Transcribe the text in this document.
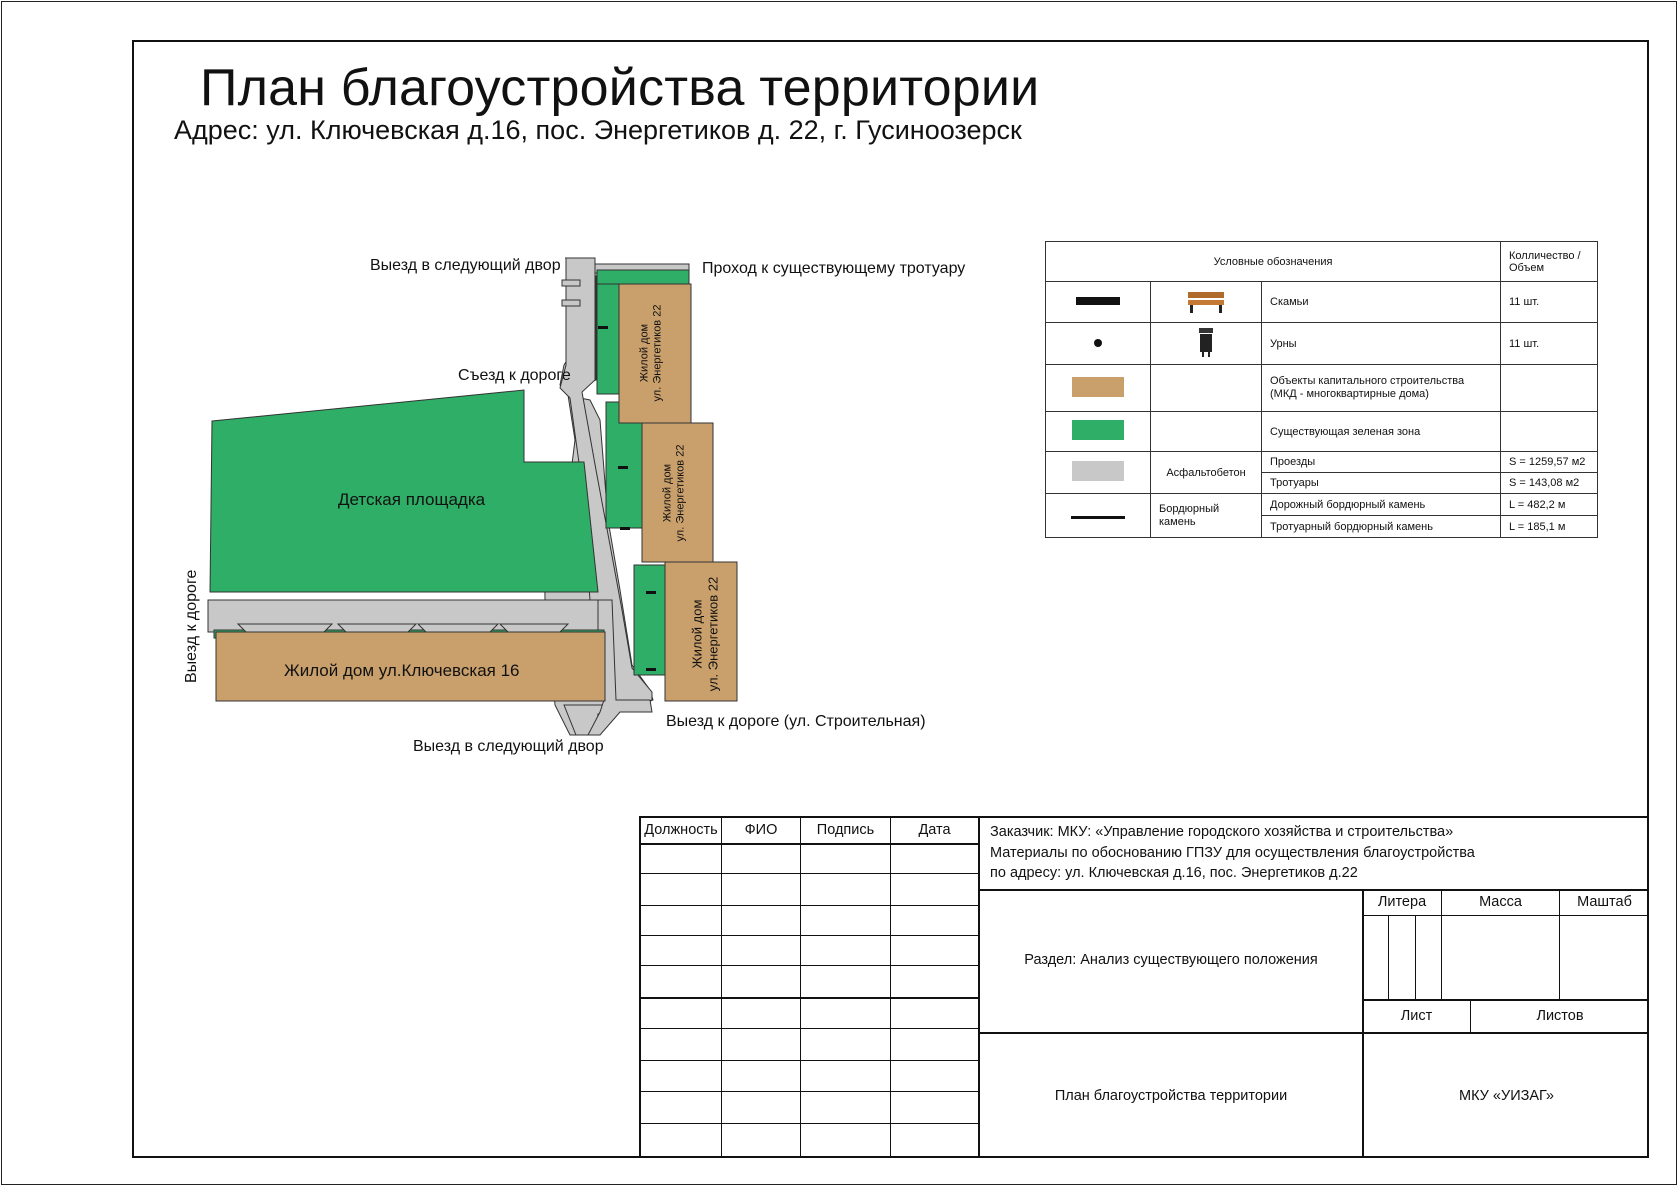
План благоустройства территории
Адрес: ул. Ключевская д.16, пос. Энергетиков д. 22, г. Гусиноозерск
Выезд в следующий двор	Проход к существующему тротуару
Съезд к дороге
Детская площадка
Выезд к дороге	Жилой дом ул.Ключевская 16
Выезд к дороге (ул. Строительная)
Выезд в следующий двор
Жилой дом ул. Энергетиков 22
Жилой дом ул. Энергетиков 22
Жилой дом ул. Энергетиков 22
Условные обозначения			Колличество / Объем
		Скамьи	11 шт.
		Урны	11 шт.
		Объекты капитального строительства (МКД - многоквартирные дома)	
		Существующая зеленая зона	
	Асфальтобетон	Проезды	S = 1259,57 м2
		Тротуары	S = 143,08 м2
	Бордюрный камень	Дорожный бордюрный камень	L = 482,2 м
		Тротуарный бордюрный камень	L = 185,1 м
Должность	ФИО	Подпись	Дата	Заказчик: МКУ: «Управление городского хозяйства и строительства»
Материалы по обоснованию ГПЗУ для осуществления благоустройства
по адресу: ул. Ключевская д.16, пос. Энергетиков д.22
Литера	Масса	Маштаб
Лист	Листов
Раздел: Анализ существующего положения
План благоустройства территории	МКУ «УИЗАГ»
